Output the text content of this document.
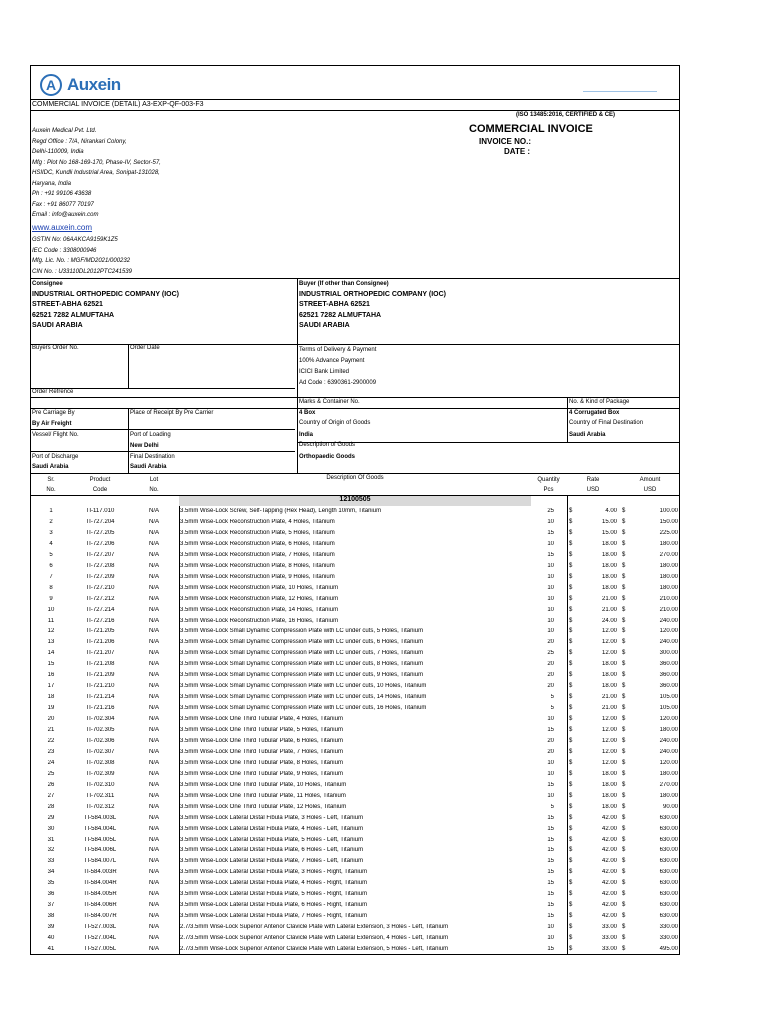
A Auxein
COMMERCIAL INVOICE (DETAIL) A3-EXP-QF-003-F3
(ISO 13485:2016, CERTIFIED & CE)
COMMERCIAL INVOICE
INVOICE NO.:
DATE :
Auxein Medical Pvt. Ltd.
Regd Office : 7/A, Nirankari Colony,
Delhi-110009, India
Mfg : Plot No 168-169-170, Phase-IV, Sector-57,
HSIIDC, Kundli Industrial Area, Sonipat-131028,
Haryana, India
Ph : +91 99106 43638
Fax : +91 86077 70197
Email : info@auxein.com
www.auxein.com
GSTIN No: 06AAKCA9159K1Z5
IEC Code : 3308000946
Mfg. Lic. No. : MGF/MD2021/000232
CIN No. : U33110DL2012PTC241539
Consignee
INDUSTRIAL ORTHOPEDIC COMPANY (IOC)
STREET-ABHA 62521
62521 7282 ALMUFTAHA
SAUDI ARABIA
Buyer (If other than Consignee)
INDUSTRIAL ORTHOPEDIC COMPANY (IOC)
STREET-ABHA 62521
62521 7282 ALMUFTAHA
SAUDI ARABIA
Buyers Order No.	Order Date	Terms of Delivery & Payment
100% Advance Payment
ICICI Bank Limited
Ad Code : 6390361-2900009
Order Refrence
Marks & Container No.	No. & Kind of Package
Pre Carriage By	Place of Receipt By Pre Carrier	4 Box	4 Corrugated Box
Country of Origin of Goods	Country of Final Destination
By Air Freight
Vessel/ Flight No.	Port of Loading	India	Saudi Arabia
Description of Goods
New Delhi
Port of Discharge	Final Destination	Orthopaedic Goods
Saudi Arabia	Saudi Arabia
Sr.
No.
Product
Code
Lot
No.
Description Of Goods	Quantity
Pcs
Rate
USD
Amount
USD
12100505
1	TI-117.010	N/A	3.5mm Wise-Lock Screw, Self-Tapping (Hex Head), Length 10mm, Titanium	25	4.00	100.00
$	$
2	TI-727.204	N/A	3.5mm Wise-Lock Reconstruction Plate, 4 Holes, Titanium	10	15.00	150.00
$	$
3	TI-727.205	N/A	3.5mm Wise-Lock Reconstruction Plate, 5 Holes, Titanium	15	15.00	225.00
$	$
4	TI-727.206	N/A	3.5mm Wise-Lock Reconstruction Plate, 6 Holes, Titanium	10	18.00	180.00
$	$
5	TI-727.207	N/A	3.5mm Wise-Lock Reconstruction Plate, 7 Holes, Titanium	15	18.00	270.00
$	$
6	TI-727.208	N/A	3.5mm Wise-Lock Reconstruction Plate, 8 Holes, Titanium	10	18.00	180.00
$	$
7	TI-727.209	N/A	3.5mm Wise-Lock Reconstruction Plate, 9 Holes, Titanium	10	18.00	180.00
$	$
8	TI-727.210	N/A	3.5mm Wise-Lock Reconstruction Plate, 10 Holes, Titanium	10	18.00	180.00
$	$
9	TI-727.212	N/A	3.5mm Wise-Lock Reconstruction Plate, 12 Holes, Titanium	10	21.00	210.00
$	$
10	TI-727.214	N/A	3.5mm Wise-Lock Reconstruction Plate, 14 Holes, Titanium	10	21.00	210.00
$	$
11	TI-727.216	N/A	3.5mm Wise-Lock Reconstruction Plate, 16 Holes, Titanium	10	24.00	240.00
$	$
12	TI-721.205	N/A	3.5mm Wise-Lock Small Dynamic Compression Plate with LC under cuts, 5 Holes, Titanium	10	12.00	120.00
$	$
13	TI-721.206	N/A	3.5mm Wise-Lock Small Dynamic Compression Plate with LC under cuts, 6 Holes, Titanium	20	12.00	240.00
$	$
14	TI-721.207	N/A	3.5mm Wise-Lock Small Dynamic Compression Plate with LC under cuts, 7 Holes, Titanium	25	12.00	300.00
$	$
15	TI-721.208	N/A	3.5mm Wise-Lock Small Dynamic Compression Plate with LC under cuts, 8 Holes, Titanium	20	18.00	360.00
$	$
16	TI-721.209	N/A	3.5mm Wise-Lock Small Dynamic Compression Plate with LC under cuts, 9 Holes, Titanium	20	18.00	360.00
$	$
17	TI-721.210	N/A	3.5mm Wise-Lock Small Dynamic Compression Plate with LC under cuts, 10 Holes, Titanium	20	18.00	360.00
$	$
18	TI-721.214	N/A	3.5mm Wise-Lock Small Dynamic Compression Plate with LC under cuts, 14 Holes, Titanium	5	21.00	105.00
$	$
19	TI-721.216	N/A	3.5mm Wise-Lock Small Dynamic Compression Plate with LC under cuts, 16 Holes, Titanium	5	21.00	105.00
$	$
20	TI-702.304	N/A	3.5mm Wise-Lock One Third Tubular Plate, 4 Holes, Titanium	10	12.00	120.00
$	$
21	TI-702.305	N/A	3.5mm Wise-Lock One Third Tubular Plate, 5 Holes, Titanium	15	12.00	180.00
$	$
22	TI-702.306	N/A	3.5mm Wise-Lock One Third Tubular Plate, 6 Holes, Titanium	20	12.00	240.00
$	$
23	TI-702.307	N/A	3.5mm Wise-Lock One Third Tubular Plate, 7 Holes, Titanium	20	12.00	240.00
$	$
24	TI-702.308	N/A	3.5mm Wise-Lock One Third Tubular Plate, 8 Holes, Titanium	10	12.00	120.00
$	$
25	TI-702.309	N/A	3.5mm Wise-Lock One Third Tubular Plate, 9 Holes, Titanium	10	18.00	180.00
$	$
26	TI-702.310	N/A	3.5mm Wise-Lock One Third Tubular Plate, 10 Holes, Titanium	15	18.00	270.00
$	$
27	TI-702.311	N/A	3.5mm Wise-Lock One Third Tubular Plate, 11 Holes, Titanium	10	18.00	180.00
$	$
28	TI-702.312	N/A	3.5mm Wise-Lock One Third Tubular Plate, 12 Holes, Titanium	5	18.00	90.00
$	$
29	TI-584.003L	N/A	3.5mm Wise-Lock Lateral Distal Fibula Plate, 3 Holes - Left, Titanium	15	42.00	630.00
$	$
30	TI-584.004L	N/A	3.5mm Wise-Lock Lateral Distal Fibula Plate, 4 Holes - Left, Titanium	15	42.00	630.00
$	$
31	TI-584.005L	N/A	3.5mm Wise-Lock Lateral Distal Fibula Plate, 5 Holes - Left, Titanium	15	42.00	630.00
$	$
32	TI-584.006L	N/A	3.5mm Wise-Lock Lateral Distal Fibula Plate, 6 Holes - Left, Titanium	15	42.00	630.00
$	$
33	TI-584.007L	N/A	3.5mm Wise-Lock Lateral Distal Fibula Plate, 7 Holes - Left, Titanium	15	42.00	630.00
$	$
34	TI-584.003R	N/A	3.5mm Wise-Lock Lateral Distal Fibula Plate, 3 Holes - Right, Titanium	15	42.00	630.00
$	$
35	TI-584.004R	N/A	3.5mm Wise-Lock Lateral Distal Fibula Plate, 4 Holes - Right, Titanium	15	42.00	630.00
$	$
36	TI-584.005R	N/A	3.5mm Wise-Lock Lateral Distal Fibula Plate, 5 Holes - Right, Titanium	15	42.00	630.00
$	$
37	TI-584.006R	N/A	3.5mm Wise-Lock Lateral Distal Fibula Plate, 6 Holes - Right, Titanium	15	42.00	630.00
$	$
38	TI-584.007R	N/A	3.5mm Wise-Lock Lateral Distal Fibula Plate, 7 Holes - Right, Titanium	15	42.00	630.00
$	$
39	TI-527.003L	N/A	2.7/3.5mm Wise-Lock Superior Anterior Clavicle Plate with Lateral Extension, 3 Holes - Left, Titanium	10	33.00	330.00
$	$
40	TI-527.004L	N/A	2.7/3.5mm Wise-Lock Superior Anterior Clavicle Plate with Lateral Extension, 4 Holes - Left, Titanium	10	33.00	330.00
$	$
41	TI-527.005L	N/A	2.7/3.5mm Wise-Lock Superior Anterior Clavicle Plate with Lateral Extension, 5 Holes - Left, Titanium	15	33.00	495.00
$	$
